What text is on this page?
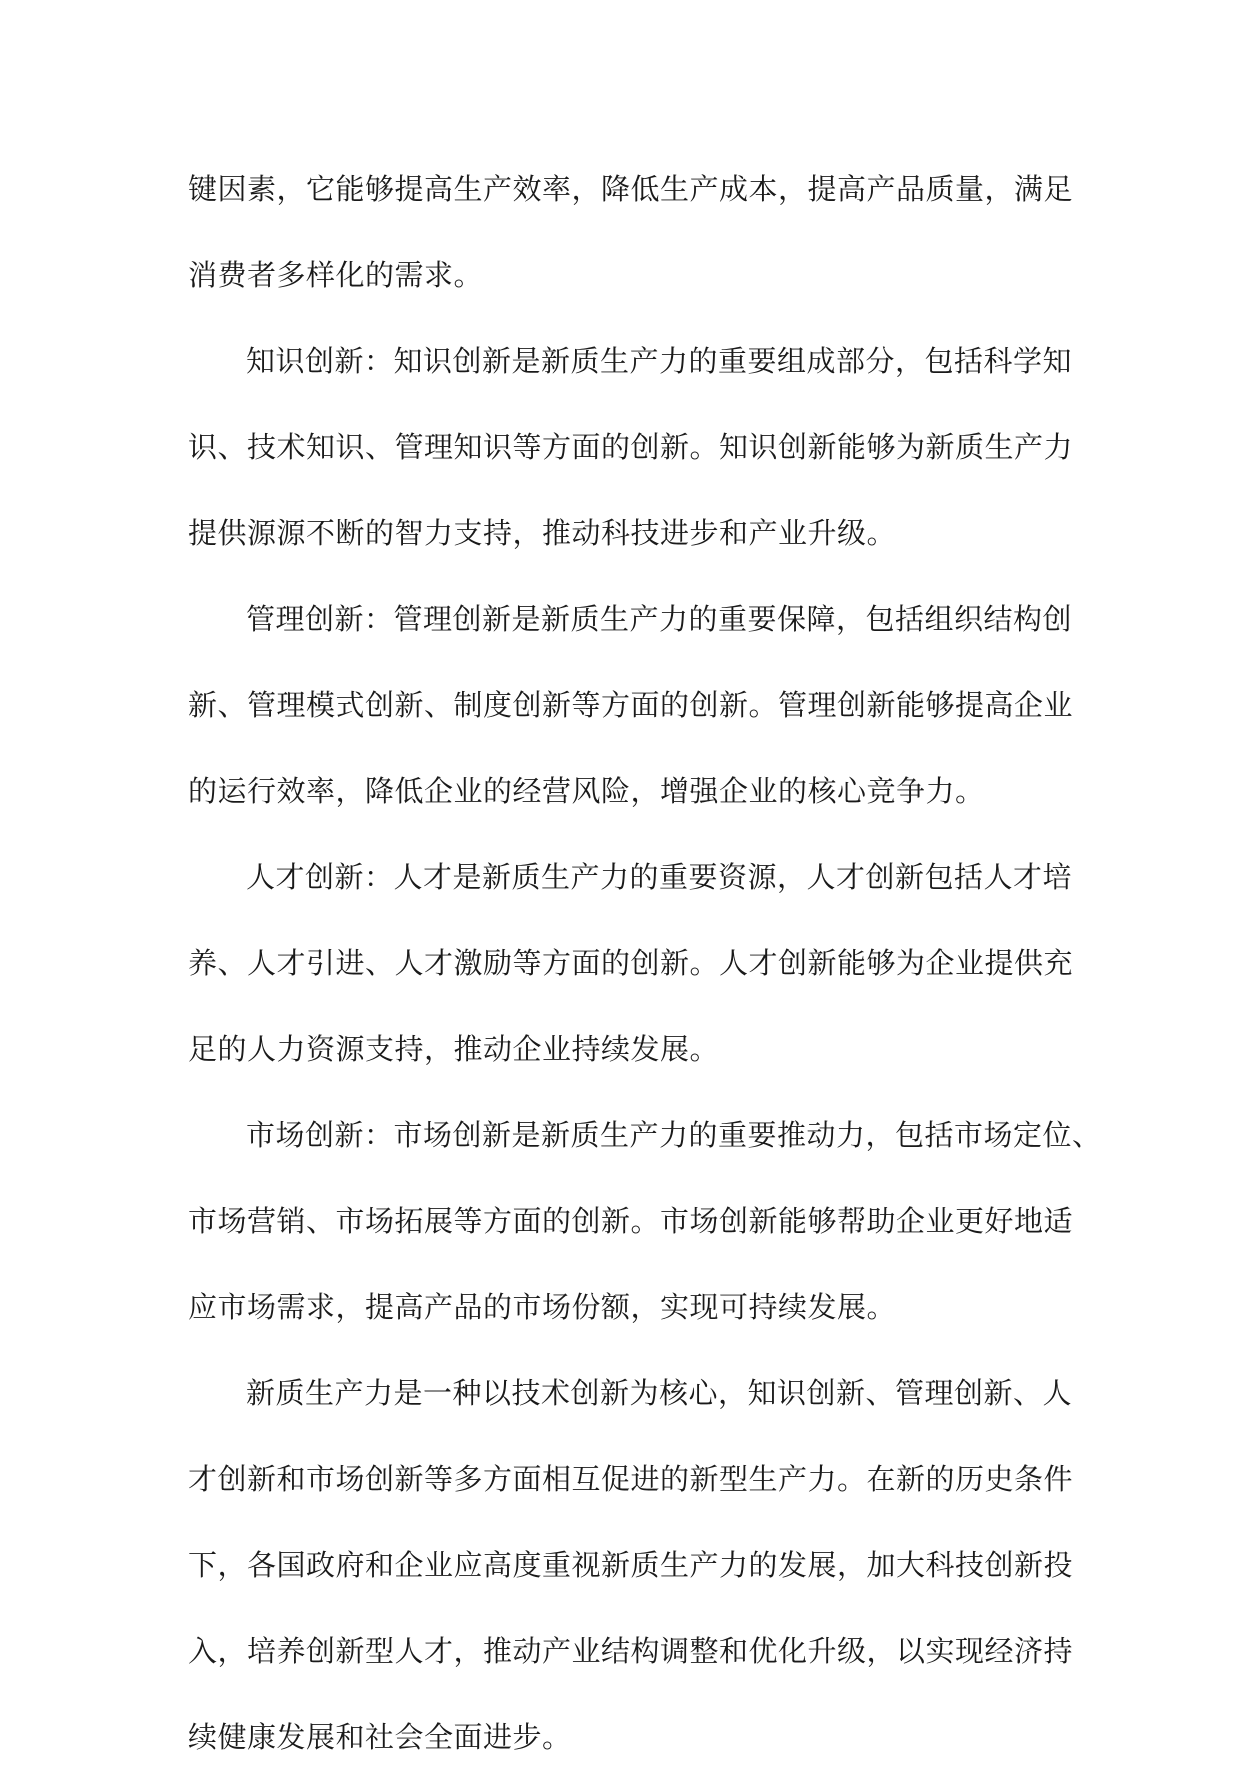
键因素，它能够提高生产效率，降低生产成本，提高产品质量，满足
消费者多样化的需求。

知识创新：知识创新是新质生产力的重要组成部分，包括科学知
识、技术知识、管理知识等方面的创新。知识创新能够为新质生产力
提供源源不断的智力支持，推动科技进步和产业升级。

管理创新：管理创新是新质生产力的重要保障，包括组织结构创
新、管理模式创新、制度创新等方面的创新。管理创新能够提高企业
的运行效率，降低企业的经营风险，增强企业的核心竞争力。

人才创新：人才是新质生产力的重要资源，人才创新包括人才培
养、人才引进、人才激励等方面的创新。人才创新能够为企业提供充
足的人力资源支持，推动企业持续发展。

市场创新：市场创新是新质生产力的重要推动力，包括市场定位、
市场营销、市场拓展等方面的创新。市场创新能够帮助企业更好地适
应市场需求，提高产品的市场份额，实现可持续发展。

新质生产力是一种以技术创新为核心，知识创新、管理创新、人
才创新和市场创新等多方面相互促进的新型生产力。在新的历史条件
下，各国政府和企业应高度重视新质生产力的发展，加大科技创新投
入，培养创新型人才，推动产业结构调整和优化升级，以实现经济持
续健康发展和社会全面进步。
